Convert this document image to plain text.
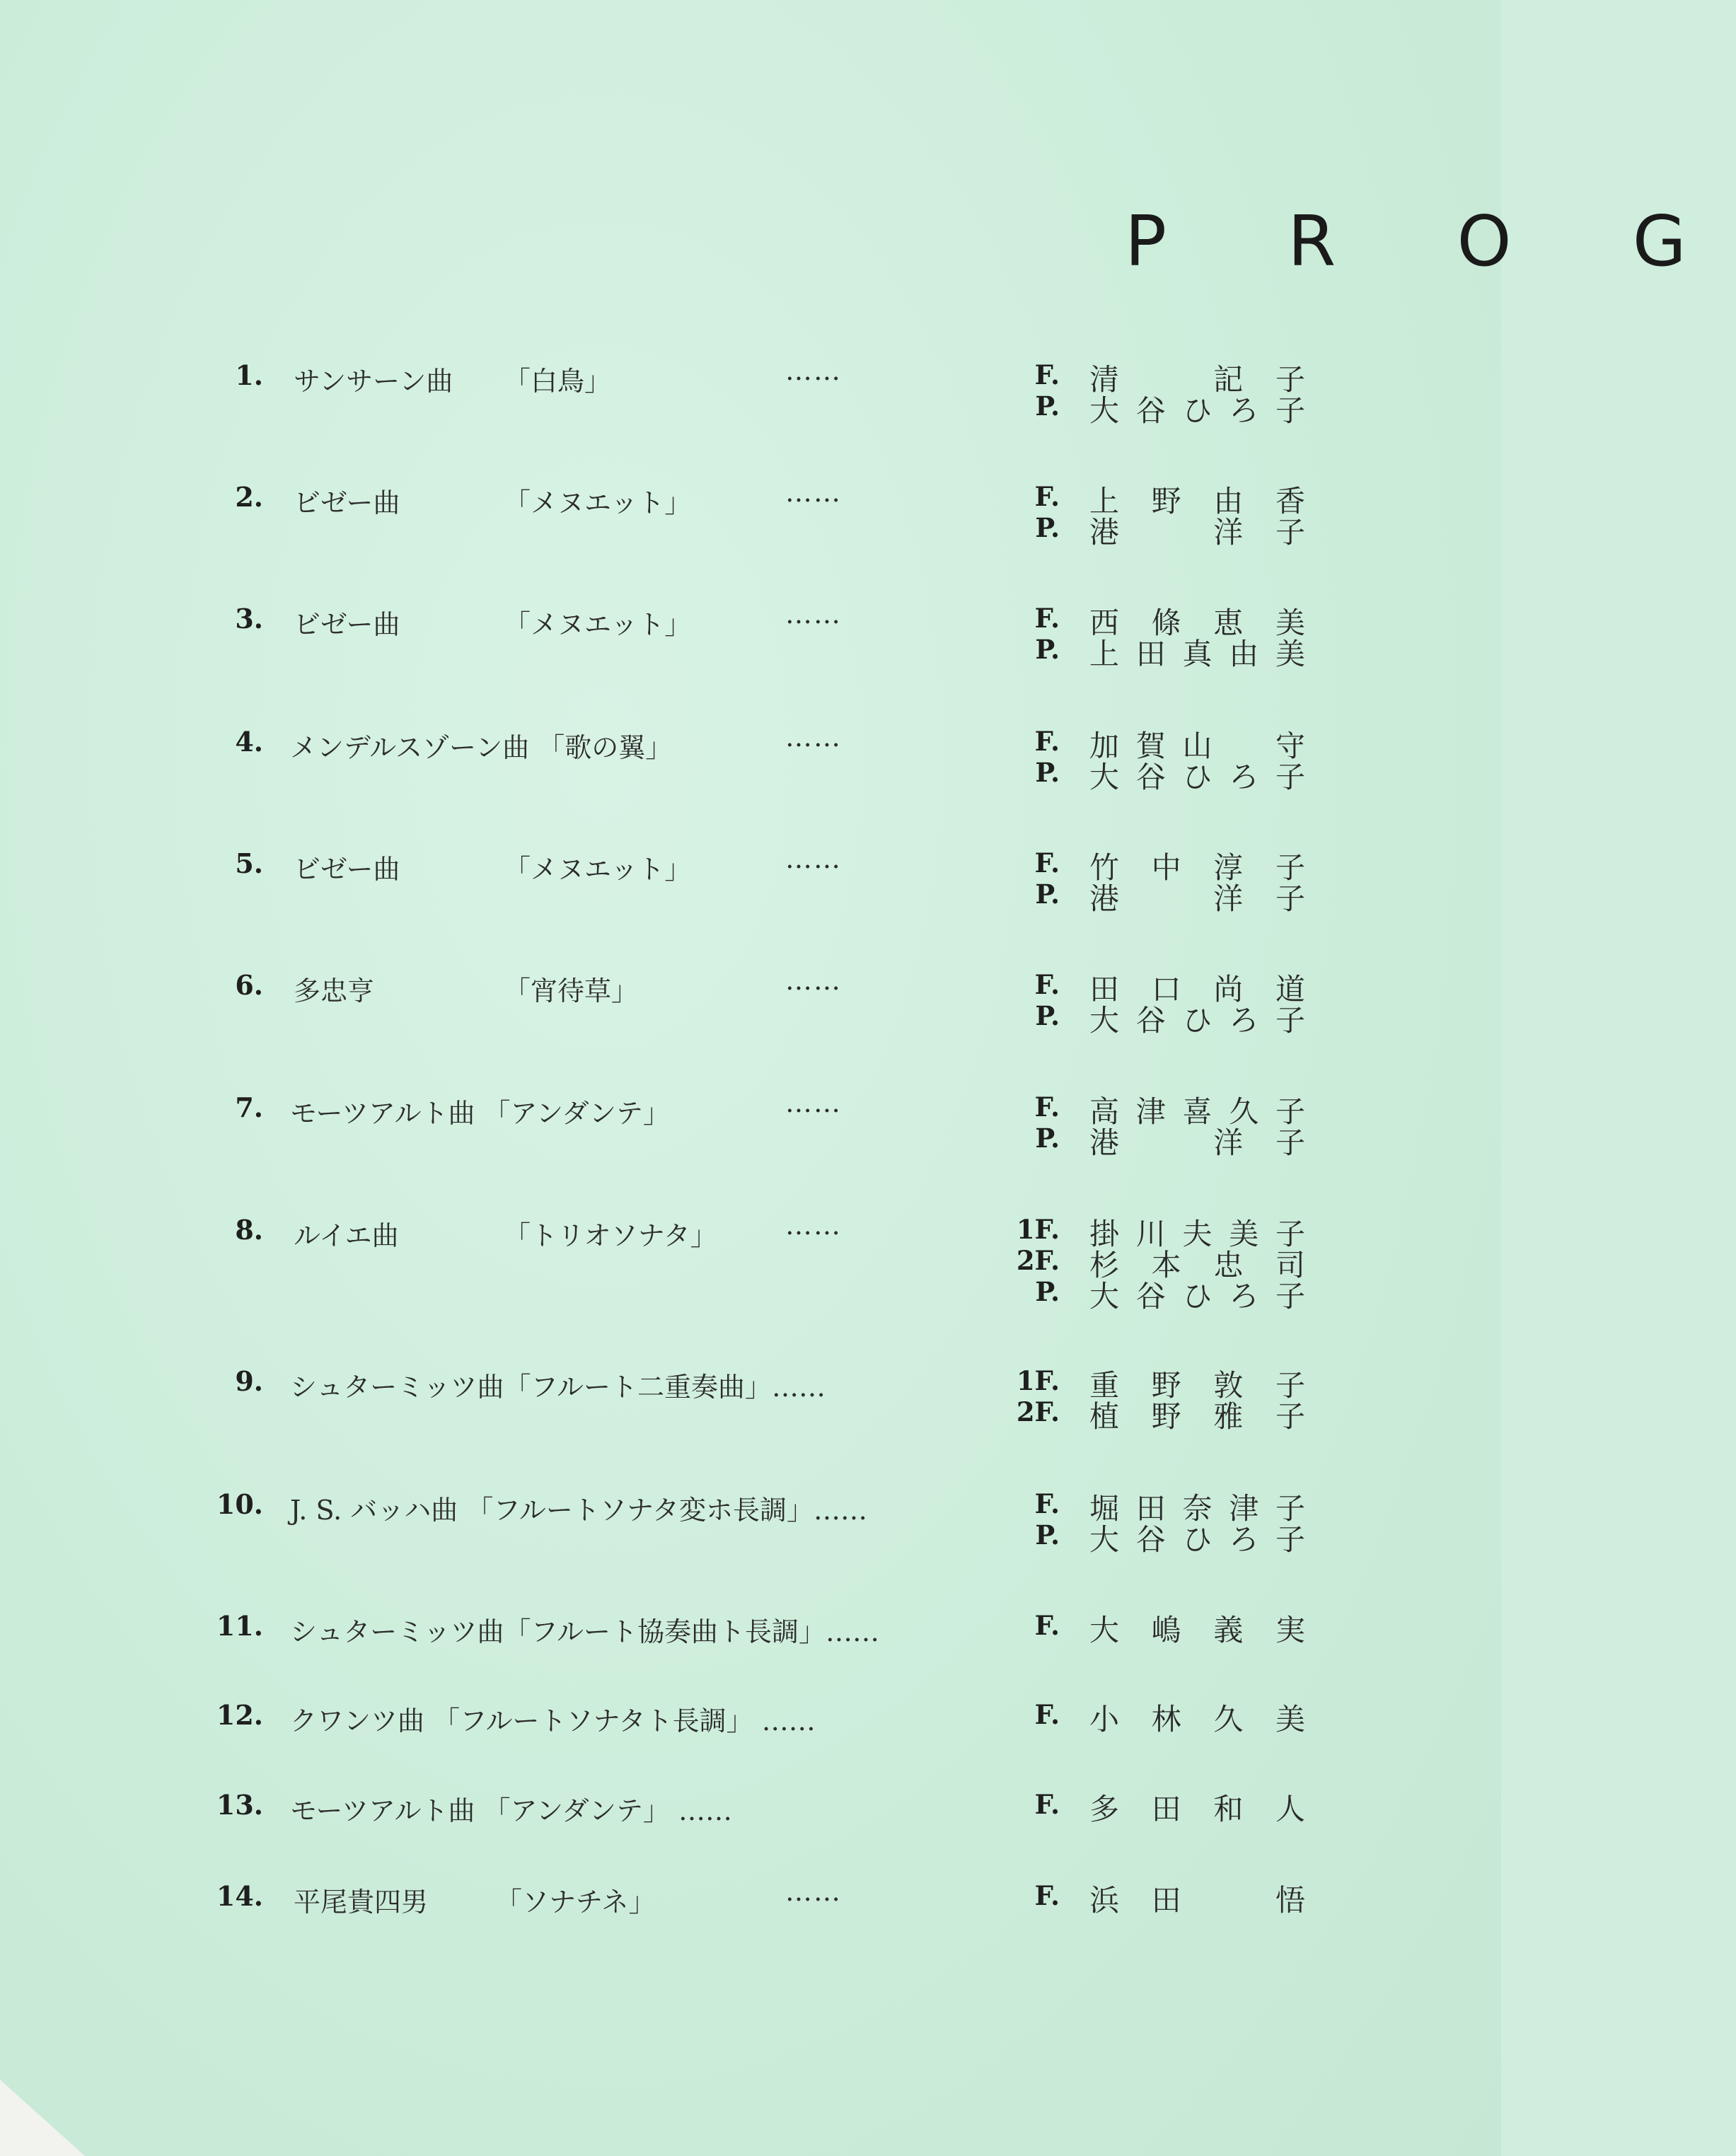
P R O G
1. サンサーン曲 「白鳥」	……	F. 清	記 子
P. 大 谷 ひ ろ 子
2. ビゼー曲	「メヌエット」	……	F. 上 野 由 香
P. 港	洋 子
3. ビゼー曲	「メヌエット」	……	F. 西 條 恵 美
P. 上 田 真 由 美
4. メンデルスゾーン曲 「歌の翼」	……	F. 加 賀 山 守
P. 大 谷 ひ ろ 子
5. ビゼー曲	「メヌエット」	……	F. 竹 中 淳 子
P. 港	洋 子
6. 多忠亨	「宵待草」	……	F. 田 口 尚 道
P. 大 谷 ひ ろ 子
7. モーツアルト曲 「アンダンテ」	……	F. 高 津 喜 久 子
P. 港	洋 子
8. ルイエ曲	「トリオソナタ」	……	1F. 掛 川 夫 美 子
2F. 杉 本 忠 司
P. 大 谷 ひ ろ 子
9. シュターミッツ曲「フルート二重奏曲」……	1F. 重 野 敦 子
2F. 植 野 雅 子
10. J. S. バッハ曲 「フルートソナタ変ホ長調」……	F. 堀 田 奈 津 子
P. 大 谷 ひ ろ 子
11. シュターミッツ曲「フルート協奏曲ト長調」……	F. 大 嶋 義 実
12. クワンツ曲 「フルートソナタト長調」 ……	F. 小 林 久 美
13. モーツアルト曲 「アンダンテ」 ……	F. 多 田 和 人
14. 平尾貴四男 「ソナチネ」	……	F. 浜 田	悟
